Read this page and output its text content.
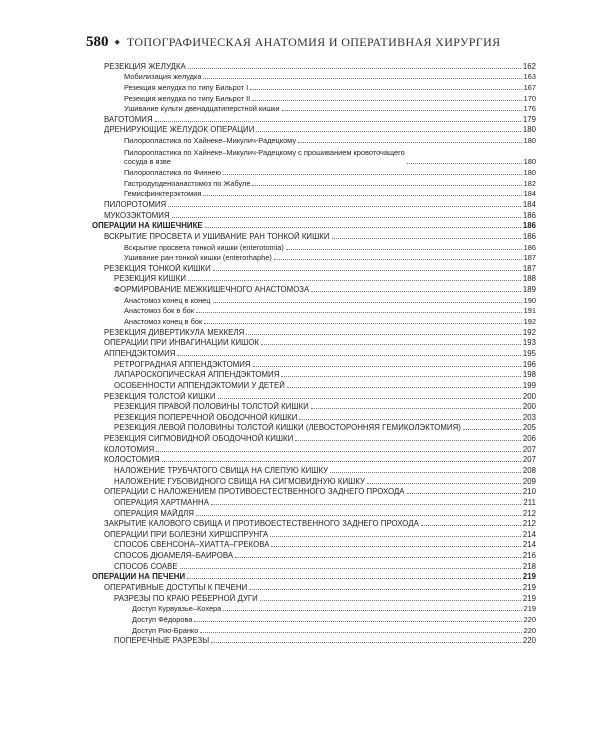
580 ◆ ТОПОГРАФИЧЕСКАЯ АНАТОМИЯ И ОПЕРАТИВНАЯ ХИРУРГИЯ
РЕЗЕКЦИЯ ЖЕЛУДКА	162
Мобилизация желудка	163
Резекция желудка по типу Бильрот I	167
Резекция желудка по типу Бильрот II	170
Ушивание культи двенадцатиперстной кишки	176
ВАГОТОМИЯ	179
ДРЕНИРУЮЩИЕ ЖЕЛУДОК ОПЕРАЦИИ	180
Пилоропластика по Хайнеке–Микулич-Радецкому	180
Пилоропластика по Хайнеке–Микулич-Радецкому с прошиванием кровоточащего
сосуда в язве	180
Пилоропластика по Финнею	180
Гастродуоденоанастомоз по Жабуле	182
Гемисфинктерэктомия	184
ПИЛОРОТОМИЯ	184
МУКОЗЭКТОМИЯ	186
ОПЕРАЦИИ НА КИШЕЧНИКЕ	186
ВСКРЫТИЕ ПРОСВЕТА И УШИВАНИЕ РАН ТОНКОЙ КИШКИ	186
Вскрытие просвета тонкой кишки (enterotomia)	186
Ушивание ран тонкой кишки (enterorhaphe)	187
РЕЗЕКЦИЯ ТОНКОЙ КИШКИ	187
РЕЗЕКЦИЯ КИШКИ	188
ФОРМИРОВАНИЕ МЕЖКИШЕЧНОГО АНАСТОМОЗА	189
Анастомоз конец в конец	190
Анастомоз бок в бок	191
Анастомоз конец в бок	192
РЕЗЕКЦИЯ ДИВЕРТИКУЛА МЕККЕЛЯ	192
ОПЕРАЦИИ ПРИ ИНВАГИНАЦИИ КИШОК	193
АППЕНДЭКТОМИЯ	195
РЕТРОГРАДНАЯ АППЕНДЭКТОМИЯ	196
ЛАПАРОСКОПИЧЕСКАЯ АППЕНДЭКТОМИЯ	198
ОСОБЕННОСТИ АППЕНДЭКТОМИИ У ДЕТЕЙ	199
РЕЗЕКЦИЯ ТОЛСТОЙ КИШКИ	200
РЕЗЕКЦИЯ ПРАВОЙ ПОЛОВИНЫ ТОЛСТОЙ КИШКИ	200
РЕЗЕКЦИЯ ПОПЕРЕЧНОЙ ОБОДОЧНОЙ КИШКИ	203
РЕЗЕКЦИЯ ЛЕВОЙ ПОЛОВИНЫ ТОЛСТОЙ КИШКИ (ЛЕВОСТОРОННЯЯ ГЕМИКОЛЭКТОМИЯ)	205
РЕЗЕКЦИЯ СИГМОВИДНОЙ ОБОДОЧНОЙ КИШКИ	206
КОЛОТОМИЯ	207
КОЛОСТОМИЯ	207
НАЛОЖЕНИЕ ТРУБЧАТОГО СВИЩА НА СЛЕПУЮ КИШКУ	208
НАЛОЖЕНИЕ ГУБОВИДНОГО СВИЩА НА СИГМОВИДНУЮ КИШКУ	209
ОПЕРАЦИИ С НАЛОЖЕНИЕМ ПРОТИВОЕСТЕСТВЕННОГО ЗАДНЕГО ПРОХОДА	210
ОПЕРАЦИЯ ХАРТМАННА	211
ОПЕРАЦИЯ МАЙДЛЯ	212
ЗАКРЫТИЕ КАЛОВОГО СВИЩА И ПРОТИВОЕСТЕСТВЕННОГО ЗАДНЕГО ПРОХОДА	212
ОПЕРАЦИИ ПРИ БОЛЕЗНИ ХИРШСПРУНГА	214
СПОСОБ СВЕНСОНА–ХИАТТА–ГРЕКОВА	214
СПОСОБ ДЮАМЕЛЯ–БАИРОВА	216
СПОСОБ СОАВЕ	218
ОПЕРАЦИИ НА ПЕЧЕНИ	219
ОПЕРАТИВНЫЕ ДОСТУПЫ К ПЕЧЕНИ	219
РАЗРЕЗЫ ПО КРАЮ РЁБЕРНОЙ ДУГИ	219
Доступ Курвуазье–Кохера	219
Доступ Фёдорова	220
Доступ Рио-Бранко	220
ПОПЕРЕЧНЫЕ РАЗРЕЗЫ	220
